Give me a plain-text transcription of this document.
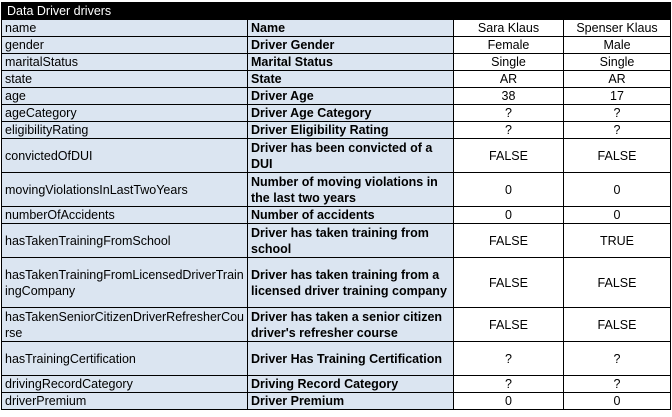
Data Driver drivers			
name	Name	Sara Klaus	Spenser Klaus
gender	Driver Gender	Female	Male
maritalStatus	Marital Status	Single	Single
state	State	AR	AR
age	Driver Age	38	17
ageCategory	Driver Age Category	?	?
eligibilityRating	Driver Eligibility Rating	?	?
convictedOfDUI	Driver has been convicted of a DUI	FALSE	FALSE
movingViolationsInLastTwoYears	Number of moving violations in the last two years	0	0
numberOfAccidents	Number of accidents	0	0
hasTakenTrainingFromSchool	Driver has taken training from school	FALSE	TRUE
hasTakenTrainingFromLicensedDriverTrainingCompany	Driver has taken training from a licensed driver training company	FALSE	FALSE
hasTakenSeniorCitizenDriverRefresherCourse	Driver has taken a senior citizen driver's refresher course	FALSE	FALSE
hasTrainingCertification	Driver Has Training Certification	?	?
drivingRecordCategory	Driving Record Category	?	?
driverPremium	Driver Premium	0	0
